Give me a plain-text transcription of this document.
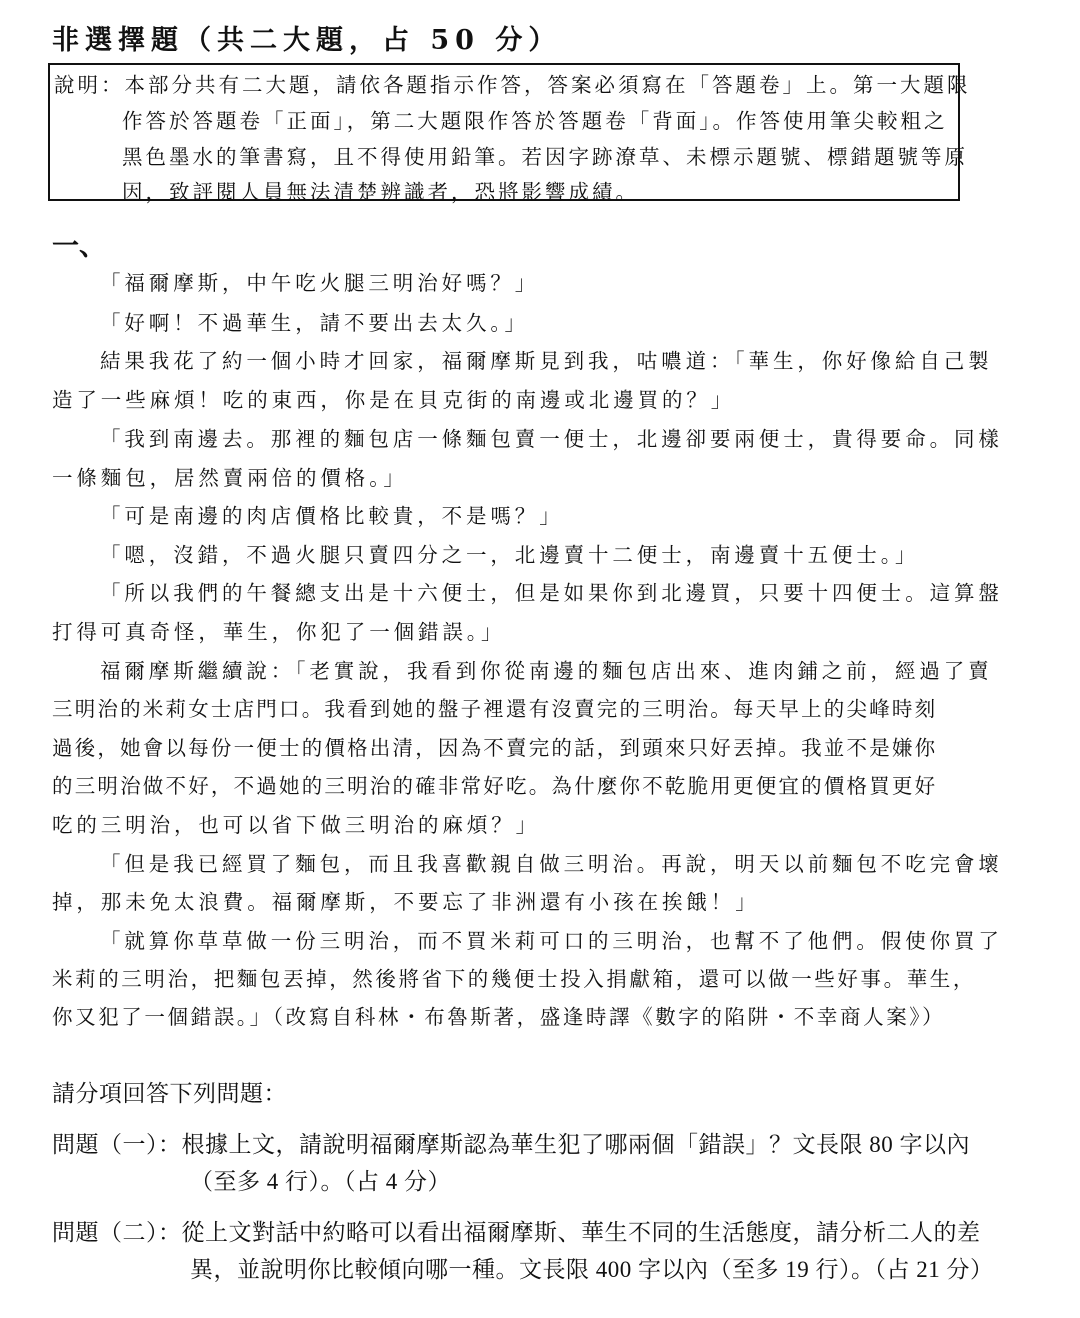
非選擇題（共二大題，占 50 分）
說明：本部分共有二大題，請依各題指示作答，答案必須寫在「答題卷」上。第一大題限
作答於答題卷「正面」，第二大題限作答於答題卷「背面」。作答使用筆尖較粗之
黑色墨水的筆書寫，且不得使用鉛筆。若因字跡潦草、未標示題號、標錯題號等原
因，致評閱人員無法清楚辨識者，恐將影響成績。
一、
「福爾摩斯，中午吃火腿三明治好嗎？」
「好啊！不過華生，請不要出去太久。」
結果我花了約一個小時才回家，福爾摩斯見到我，咕噥道：「華生，你好像給自己製
造了一些麻煩！吃的東西，你是在貝克街的南邊或北邊買的？」
「我到南邊去。那裡的麵包店一條麵包賣一便士，北邊卻要兩便士，貴得要命。同樣
一條麵包，居然賣兩倍的價格。」
「可是南邊的肉店價格比較貴，不是嗎？」
「嗯，沒錯，不過火腿只賣四分之一，北邊賣十二便士，南邊賣十五便士。」
「所以我們的午餐總支出是十六便士，但是如果你到北邊買，只要十四便士。這算盤
打得可真奇怪，華生，你犯了一個錯誤。」
福爾摩斯繼續說：「老實說，我看到你從南邊的麵包店出來、進肉鋪之前，經過了賣
三明治的米莉女士店門口。我看到她的盤子裡還有沒賣完的三明治。每天早上的尖峰時刻
過後，她會以每份一便士的價格出清，因為不賣完的話，到頭來只好丟掉。我並不是嫌你
的三明治做不好，不過她的三明治的確非常好吃。為什麼你不乾脆用更便宜的價格買更好
吃的三明治，也可以省下做三明治的麻煩？」
「但是我已經買了麵包，而且我喜歡親自做三明治。再說，明天以前麵包不吃完會壞
掉，那未免太浪費。福爾摩斯，不要忘了非洲還有小孩在挨餓！」
「就算你草草做一份三明治，而不買米莉可口的三明治，也幫不了他們。假使你買了
米莉的三明治，把麵包丟掉，然後將省下的幾便士投入捐獻箱，還可以做一些好事。華生，
你又犯了一個錯誤。」（改寫自科林・布魯斯著，盛逢時譯《數字的陷阱・不幸商人案》）
請分項回答下列問題：
問題（一）：根據上文，請說明福爾摩斯認為華生犯了哪兩個「錯誤」？文長限 80 字以內
（至多 4 行）。（占 4 分）
問題（二）：從上文對話中約略可以看出福爾摩斯、華生不同的生活態度，請分析二人的差
異，並說明你比較傾向哪一種。文長限 400 字以內（至多 19 行）。（占 21 分）
